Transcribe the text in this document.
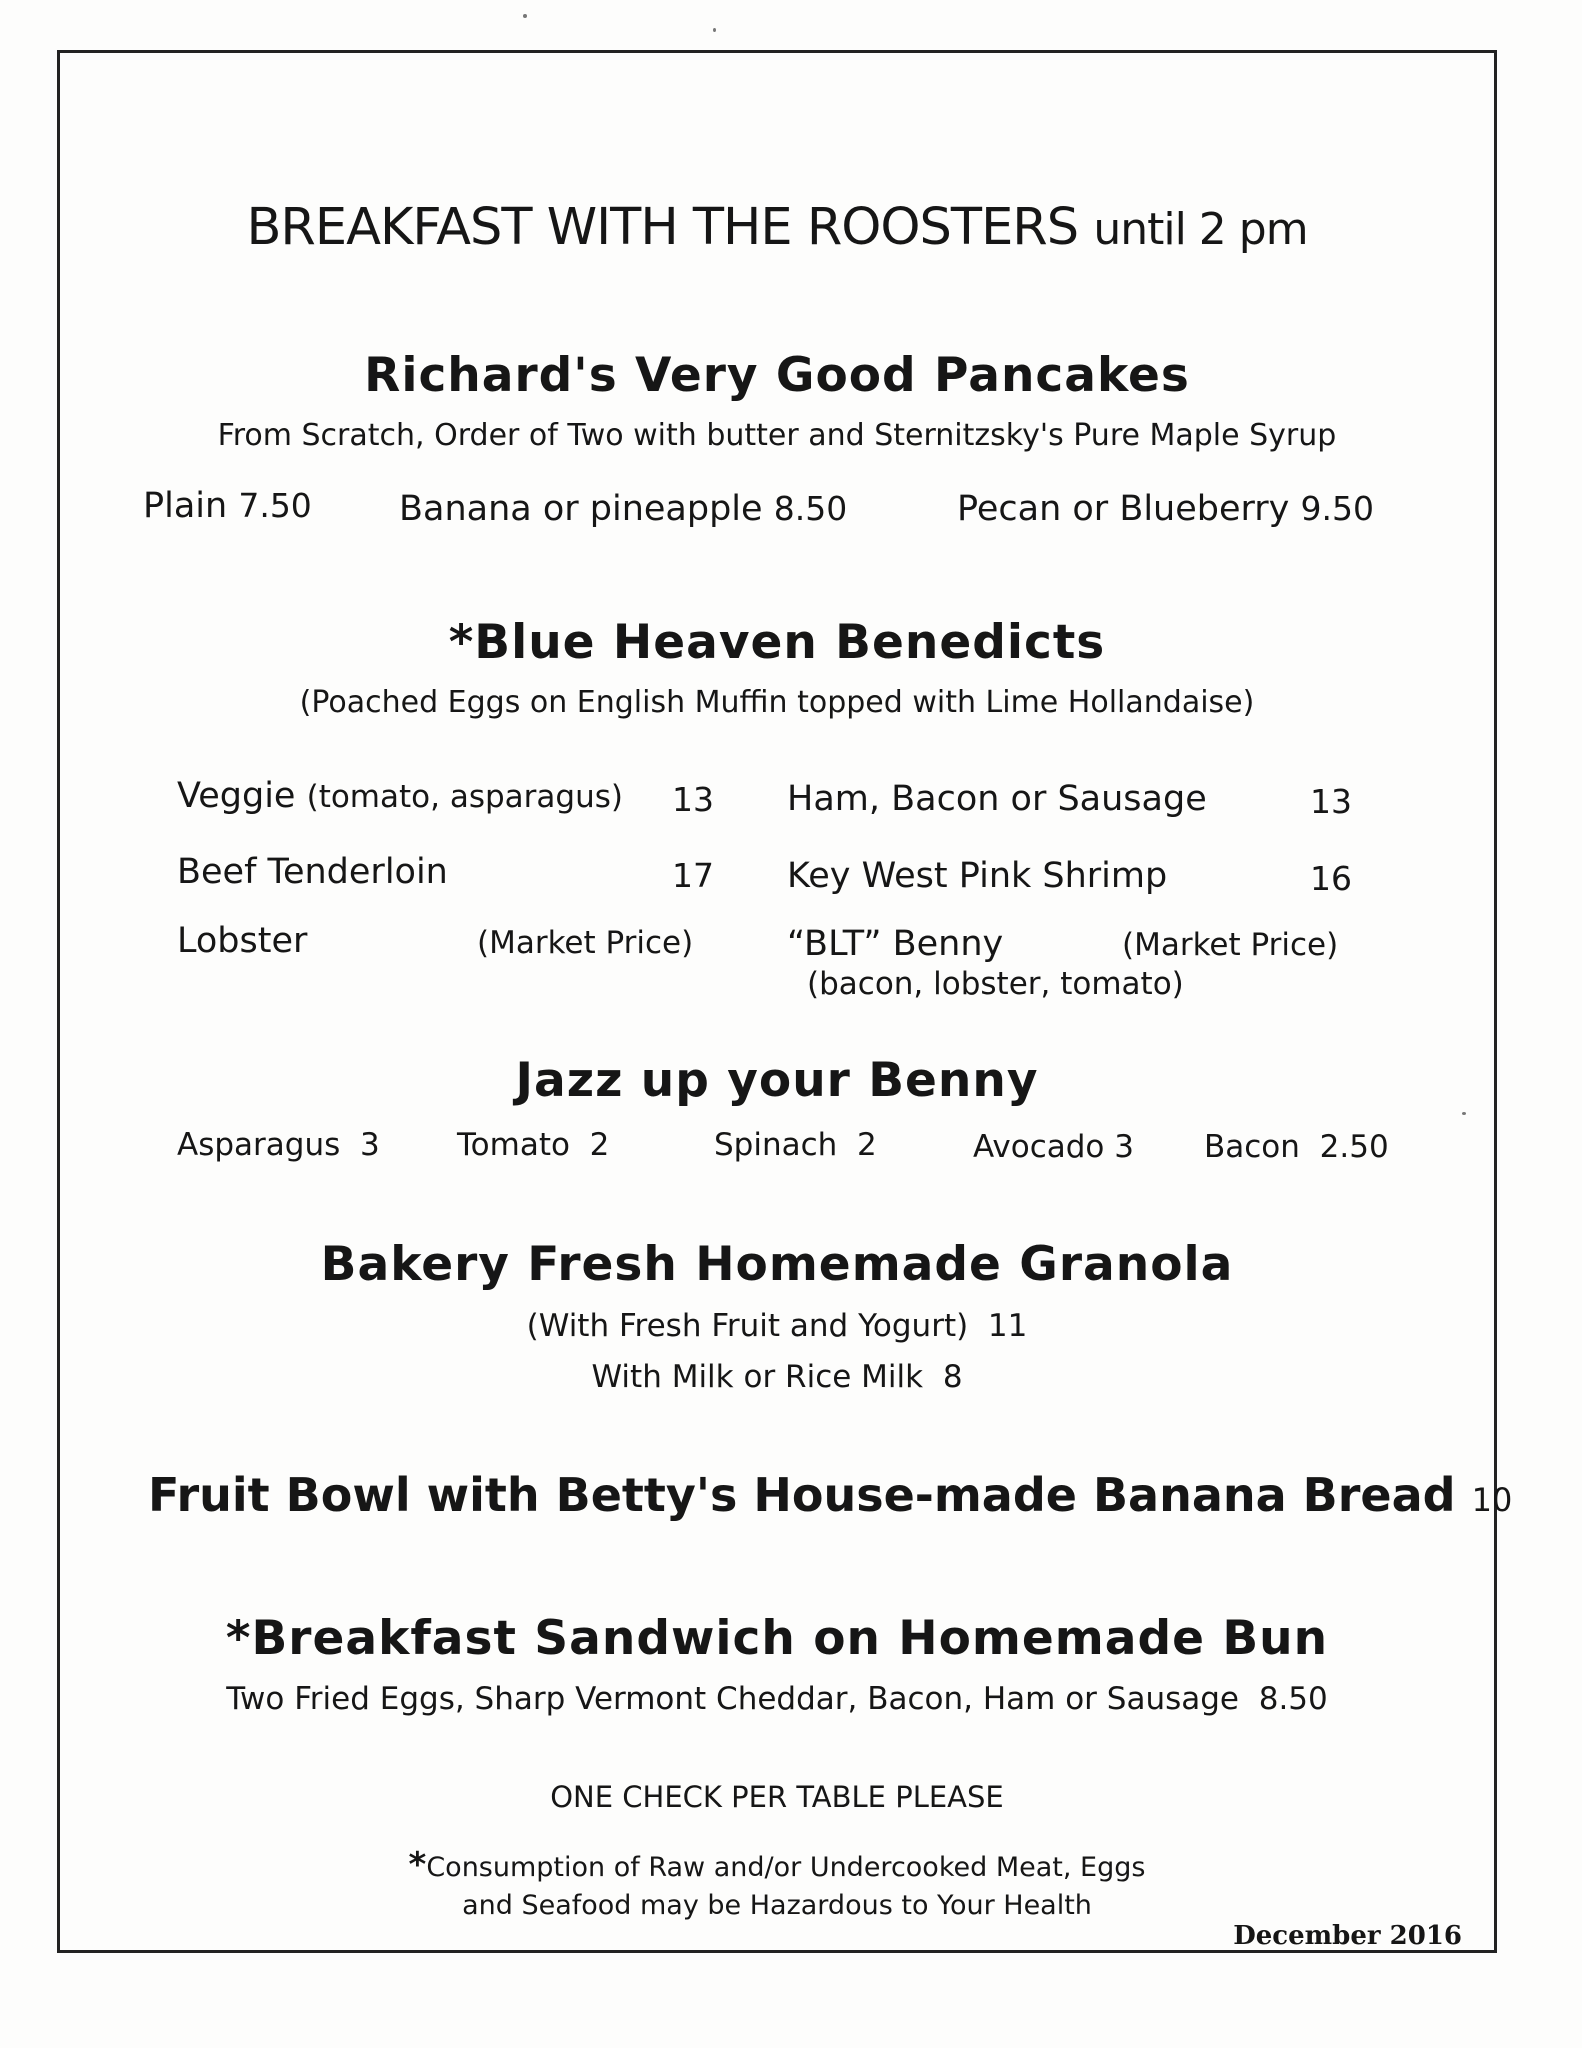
BREAKFAST WITH THE ROOSTERS until 2 pm
Richard's Very Good Pancakes
From Scratch, Order of Two with butter and Sternitzsky's Pure Maple Syrup
Plain 7.50 Banana or pineapple 8.50	Pecan or Blueberry 9.50
*Blue Heaven Benedicts
(Poached Eggs on English Muffin topped with Lime Hollandaise)
Veggie (tomato, asparagus) 13 Ham, Bacon or Sausage	13
Beef Tenderloin	17 Key West Pink Shrimp	16
Lobster	(Market Price)	“BLT” Benny	(Market Price)
(bacon, lobster, tomato)
Jazz up your Benny
Asparagus 3 Tomato 2	Spinach 2	Avocado 3 Bacon 2.50
Bakery Fresh Homemade Granola
(With Fresh Fruit and Yogurt) 11
With Milk or Rice Milk 8
Fruit Bowl with Betty's House-made Banana Bread 10
*Breakfast Sandwich on Homemade Bun
Two Fried Eggs, Sharp Vermont Cheddar, Bacon, Ham or Sausage 8.50
ONE CHECK PER TABLE PLEASE
*Consumption of Raw and/or Undercooked Meat, Eggs
and Seafood may be Hazardous to Your Health
December 2016
